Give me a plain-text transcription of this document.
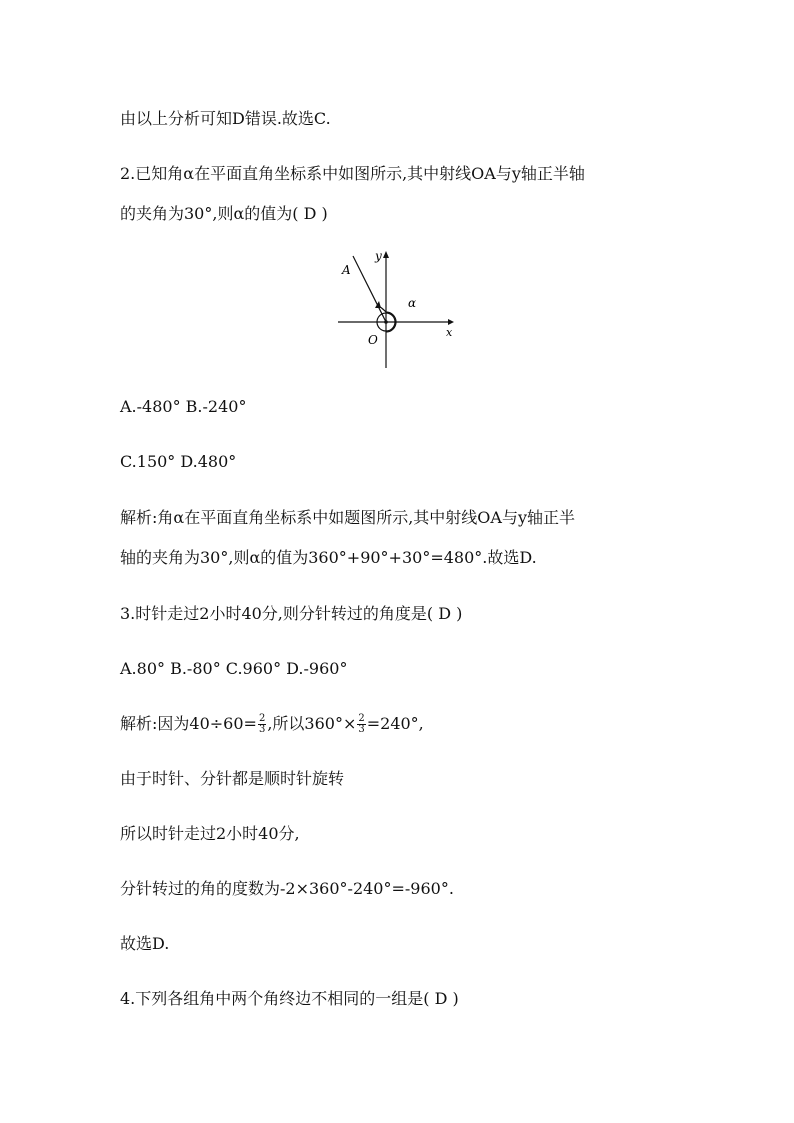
由以上分析可知D错误.故选C.
2.已知角α在平面直角坐标系中如图所示,其中射线OA与y轴正半轴
的夹角为30°,则α的值为( D )
y
x
A
O
α
A.-480° B.-240°
C.150° D.480°
解析:角α在平面直角坐标系中如题图所示,其中射线OA与y轴正半
轴的夹角为30°,则α的值为360°+90°+30°=480°.故选D.
3.时针走过2小时40分,则分针转过的角度是( D )
A.80° B.-80° C.960° D.-960°
解析:因为$40\div 60= \frac{2}{3}$ ,所以$360^\circ\times \frac{2}{3} =240^\circ$,
由于时针、分针都是顺时针旋转
所以时针走过2小时40分,
分针转过的角的度数为-2×360°-240°=-960°.
故选D.
4.下列各组角中两个角终边不相同的一组是( D )
